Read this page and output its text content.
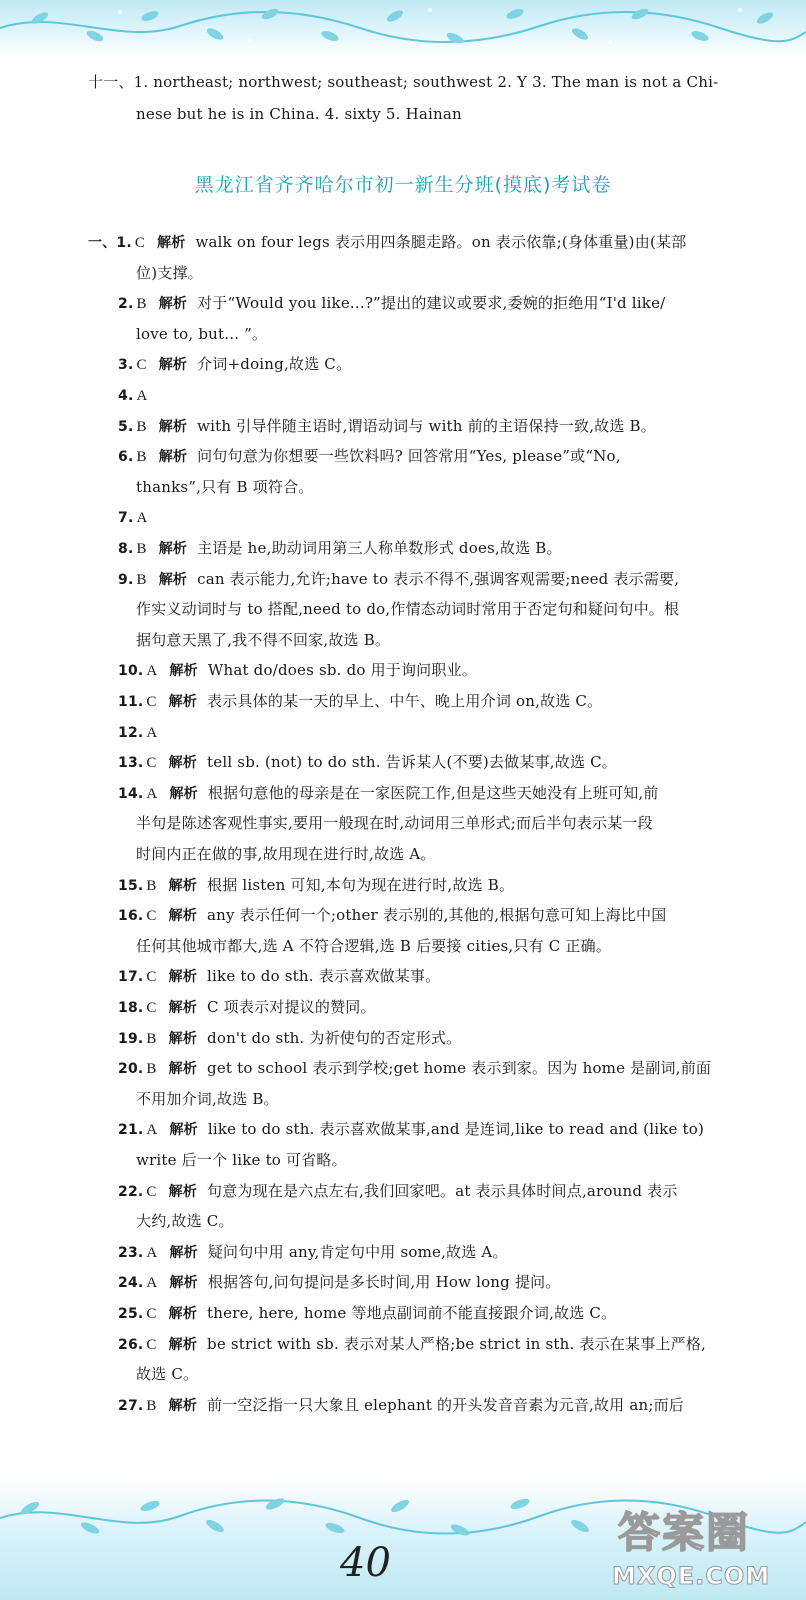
十一、1. northeast; northwest; southeast; southwest 2. Y 3. The man is not a Chi-
nese but he is in China. 4. sixty 5. Hainan
黑龙江省齐齐哈尔市初一新生分班(摸底)考试卷
一、1. C 解析 walk on four legs 表示用四条腿走路。on 表示依靠;(身体重量)由(某部
位)支撑。
2. B 解析 对于“Would you like...?”提出的建议或要求,委婉的拒绝用“I'd like/
love to, but... ”。
3. C 解析 介词+doing,故选 C。
4. A
5. B 解析 with 引导伴随主语时,谓语动词与 with 前的主语保持一致,故选 B。
6. B 解析 问句句意为你想要一些饮料吗? 回答常用“Yes, please”或“No,
thanks”,只有 B 项符合。
7. A
8. B 解析 主语是 he,助动词用第三人称单数形式 does,故选 B。
9. B 解析 can 表示能力,允许;have to 表示不得不,强调客观需要;need 表示需要,
作实义动词时与 to 搭配,need to do,作情态动词时常用于否定句和疑问句中。根
据句意天黑了,我不得不回家,故选 B。
10. A 解析 What do/does sb. do 用于询问职业。
11. C 解析 表示具体的某一天的早上、中午、晚上用介词 on,故选 C。
12. A
13. C 解析 tell sb. (not) to do sth. 告诉某人(不要)去做某事,故选 C。
14. A 解析 根据句意他的母亲是在一家医院工作,但是这些天她没有上班可知,前
半句是陈述客观性事实,要用一般现在时,动词用三单形式;而后半句表示某一段
时间内正在做的事,故用现在进行时,故选 A。
15. B 解析 根据 listen 可知,本句为现在进行时,故选 B。
16. C 解析 any 表示任何一个;other 表示别的,其他的,根据句意可知上海比中国
任何其他城市都大,选 A 不符合逻辑,选 B 后要接 cities,只有 C 正确。
17. C 解析 like to do sth. 表示喜欢做某事。
18. C 解析 C 项表示对提议的赞同。
19. B 解析 don't do sth. 为祈使句的否定形式。
20. B 解析 get to school 表示到学校;get home 表示到家。因为 home 是副词,前面
不用加介词,故选 B。
21. A 解析 like to do sth. 表示喜欢做某事,and 是连词,like to read and (like to)
write 后一个 like to 可省略。
22. C 解析 句意为现在是六点左右,我们回家吧。at 表示具体时间点,around 表示
大约,故选 C。
23. A 解析 疑问句中用 any,肯定句中用 some,故选 A。
24. A 解析 根据答句,问句提问是多长时间,用 How long 提问。
25. C 解析 there, here, home 等地点副词前不能直接跟介词,故选 C。
26. C 解析 be strict with sb. 表示对某人严格;be strict in sth. 表示在某事上严格,
故选 C。
27. B 解析 前一空泛指一只大象且 elephant 的开头发音音素为元音,故用 an;而后
40
答案圈
MXQE.COM
